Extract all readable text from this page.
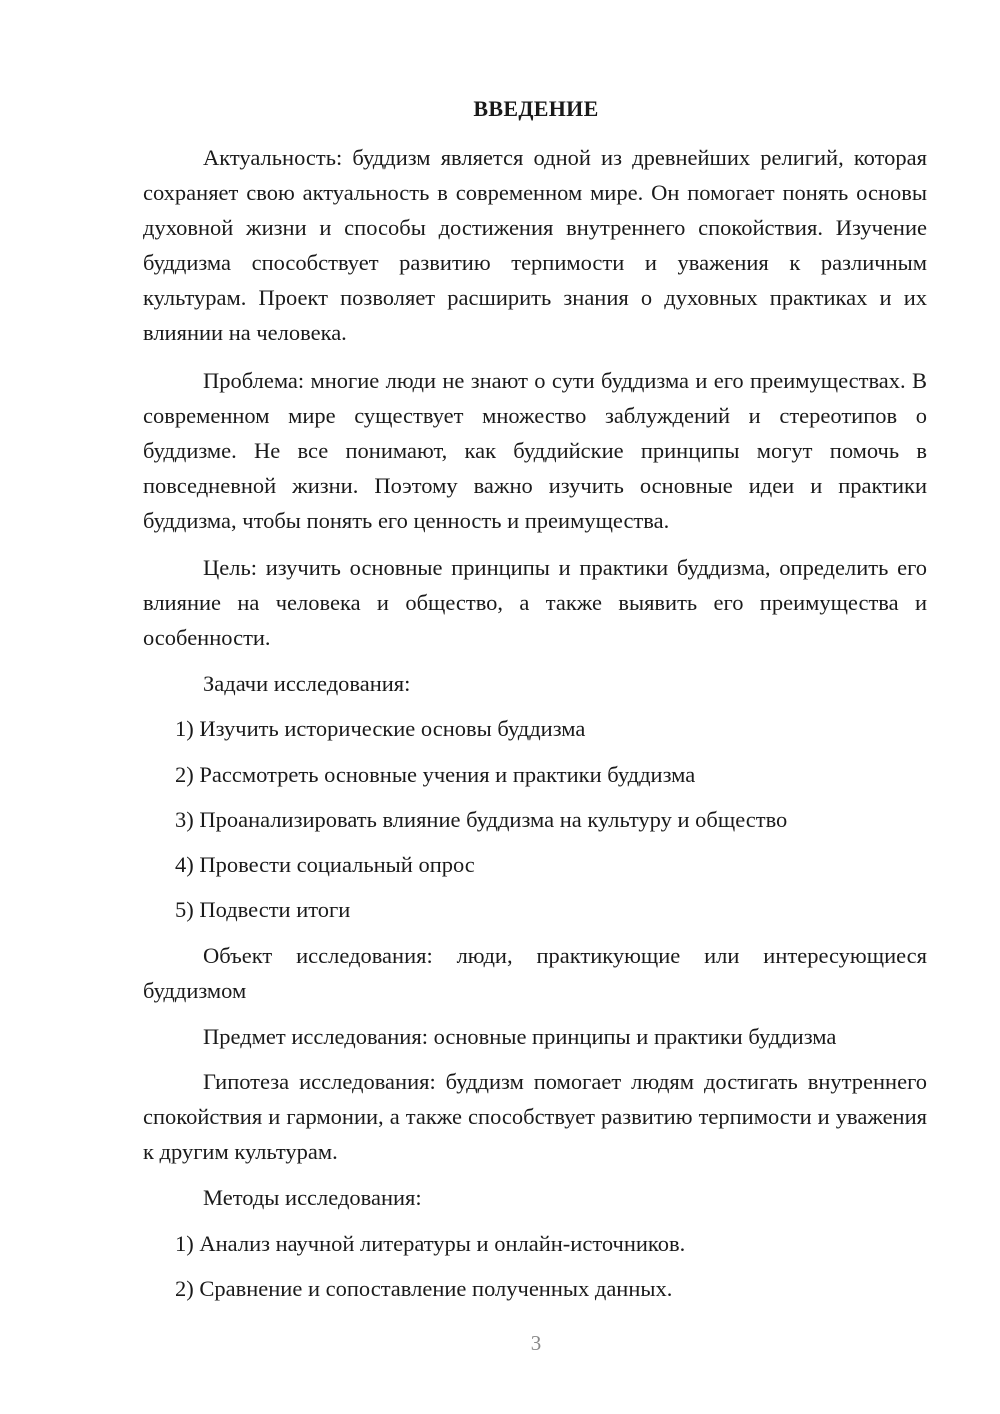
ВВЕДЕНИЕ

Актуальность: буддизм является одной из древнейших религий, которая сохраняет свою актуальность в современном мире. Он помогает понять основы духовной жизни и способы достижения внутреннего спокойствия. Изучение буддизма способствует развитию терпимости и уважения к различным культурам. Проект позволяет расширить знания о духовных практиках и их влиянии на человека.

Проблема: многие люди не знают о сути буддизма и его преимуществах. В современном мире существует множество заблуждений и стереотипов о буддизме. Не все понимают, как буддийские принципы могут помочь в повседневной жизни. Поэтому важно изучить основные идеи и практики буддизма, чтобы понять его ценность и преимущества.

Цель: изучить основные принципы и практики буддизма, определить его влияние на человека и общество, а также выявить его преимущества и особенности.

Задачи исследования:
1) Изучить исторические основы буддизма
2) Рассмотреть основные учения и практики буддизма
3) Проанализировать влияние буддизма на культуру и общество
4) Провести социальный опрос
5) Подвести итоги

Объект исследования: люди, практикующие или интересующиеся буддизмом

Предмет исследования: основные принципы и практики буддизма

Гипотеза исследования: буддизм помогает людям достигать внутреннего спокойствия и гармонии, а также способствует развитию терпимости и уважения к другим культурам.

Методы исследования:
1) Анализ научной литературы и онлайн-источников.
2) Сравнение и сопоставление полученных данных.
3
